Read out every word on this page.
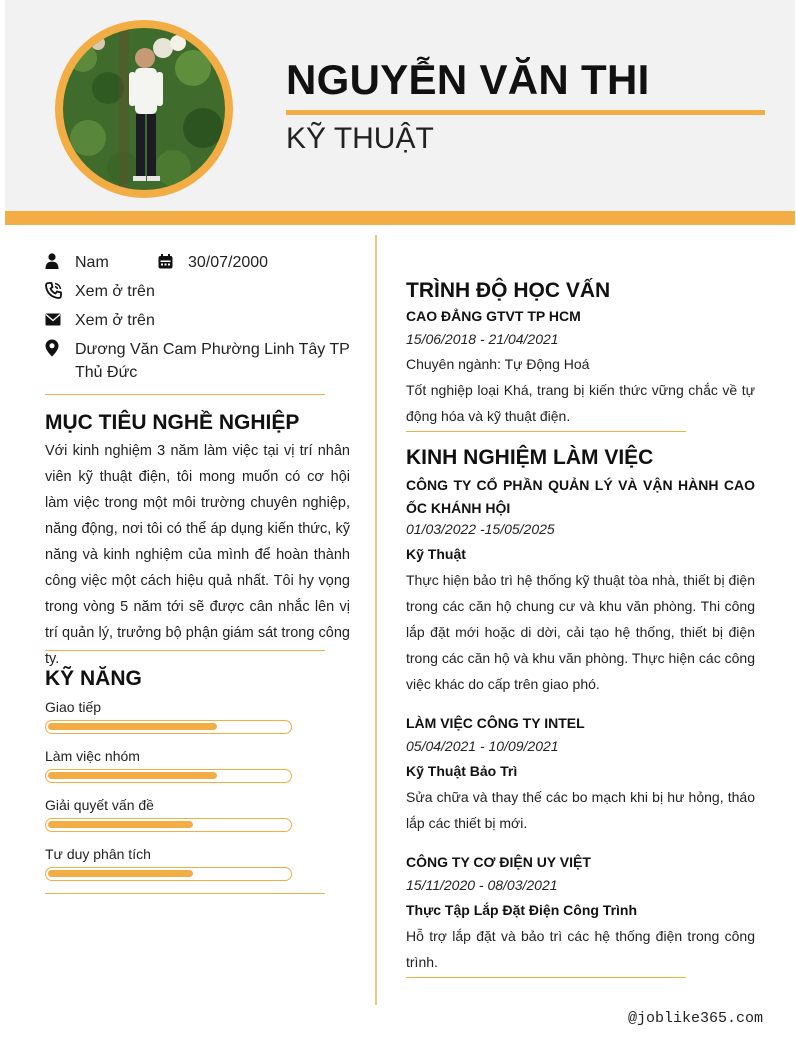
NGUYỄN VĂN THI
KỸ THUẬT
Nam	30/07/2000
Xem ở trên
Xem ở trên
Dương Văn Cam Phường Linh Tây TP Thủ Đức
MỤC TIÊU NGHỀ NGHIỆP
Với kinh nghiệm 3 năm làm việc tại vị trí nhân viên kỹ thuật điện, tôi mong muốn có cơ hội làm việc trong một môi trường chuyên nghiệp, năng động, nơi tôi có thể áp dụng kiến thức, kỹ năng và kinh nghiệm của mình để hoàn thành công việc một cách hiệu quả nhất. Tôi hy vọng trong vòng 5 năm tới sẽ được cân nhắc lên vị trí quản lý, trưởng bộ phận giám sát trong công ty.
KỸ NĂNG
Giao tiếp
Làm việc nhóm
Giải quyết vấn đề
Tư duy phân tích
TRÌNH ĐỘ HỌC VẤN
CAO ĐẲNG GTVT TP HCM
15/06/2018 - 21/04/2021
Chuyên ngành: Tự Động Hoá
Tốt nghiệp loại Khá, trang bị kiến thức vững chắc về tự động hóa và kỹ thuật điện.
KINH NGHIỆM LÀM VIỆC
CÔNG TY CỔ PHẦN QUẢN LÝ VÀ VẬN HÀNH CAO ỐC KHÁNH HỘI
01/03/2022 -15/05/2025
Kỹ Thuật
Thực hiện bảo trì hệ thống kỹ thuật tòa nhà, thiết bị điện trong các căn hộ chung cư và khu văn phòng. Thi công lắp đặt mới hoặc di dời, cải tạo hệ thống, thiết bị điện trong các căn hộ và khu văn phòng. Thực hiện các công việc khác do cấp trên giao phó.
LÀM VIỆC CÔNG TY INTEL
05/04/2021 - 10/09/2021
Kỹ Thuật Bảo Trì
Sửa chữa và thay thế các bo mạch khi bị hư hỏng, tháo lắp các thiết bị mới.
CÔNG TY CƠ ĐIỆN UY VIỆT
15/11/2020 - 08/03/2021
Thực Tập Lắp Đặt Điện Công Trình
Hỗ trợ lắp đặt và bảo trì các hệ thống điện trong công trình.
@joblike365.com
